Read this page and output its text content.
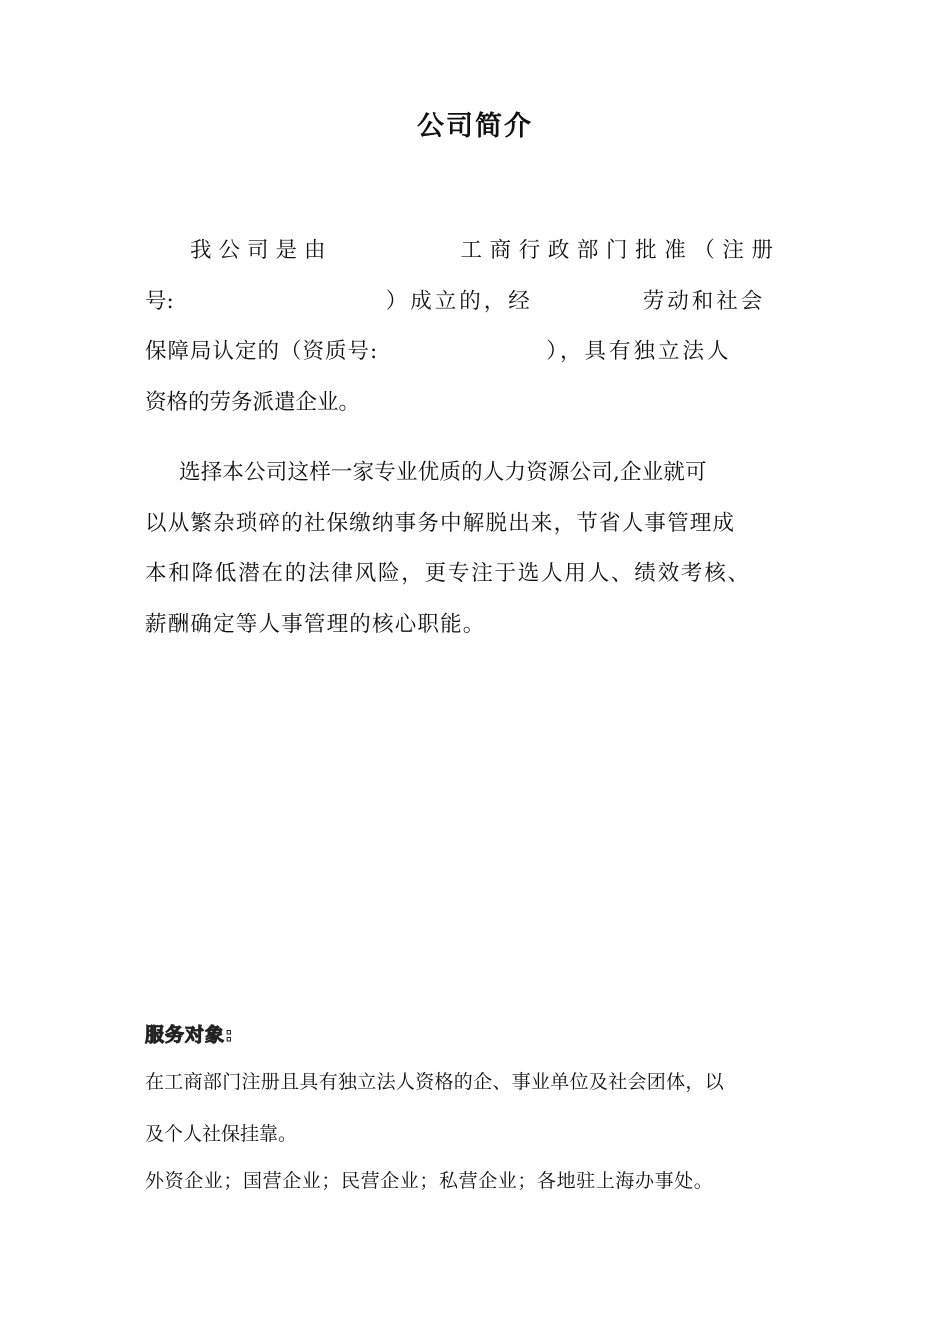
公司简介
我公司是由	工商行政部门批准（注册
号:	）成立的，经	劳动和社会
保障局认定的（资质号:	），具有独立法人
资格的劳务派遣企业。
选择本公司这样一家专业优质的人力资源公司,企业就可
以从繁杂琐碎的社保缴纳事务中解脱出来，节省人事管理成
本和降低潜在的法律风险，更专注于选人用人、绩效考核、
薪酬确定等人事管理的核心职能。
服务对象:
在工商部门注册且具有独立法人资格的企、事业单位及社会团体，以
及个人社保挂靠。
外资企业；国营企业；民营企业；私营企业；各地驻上海办事处。
